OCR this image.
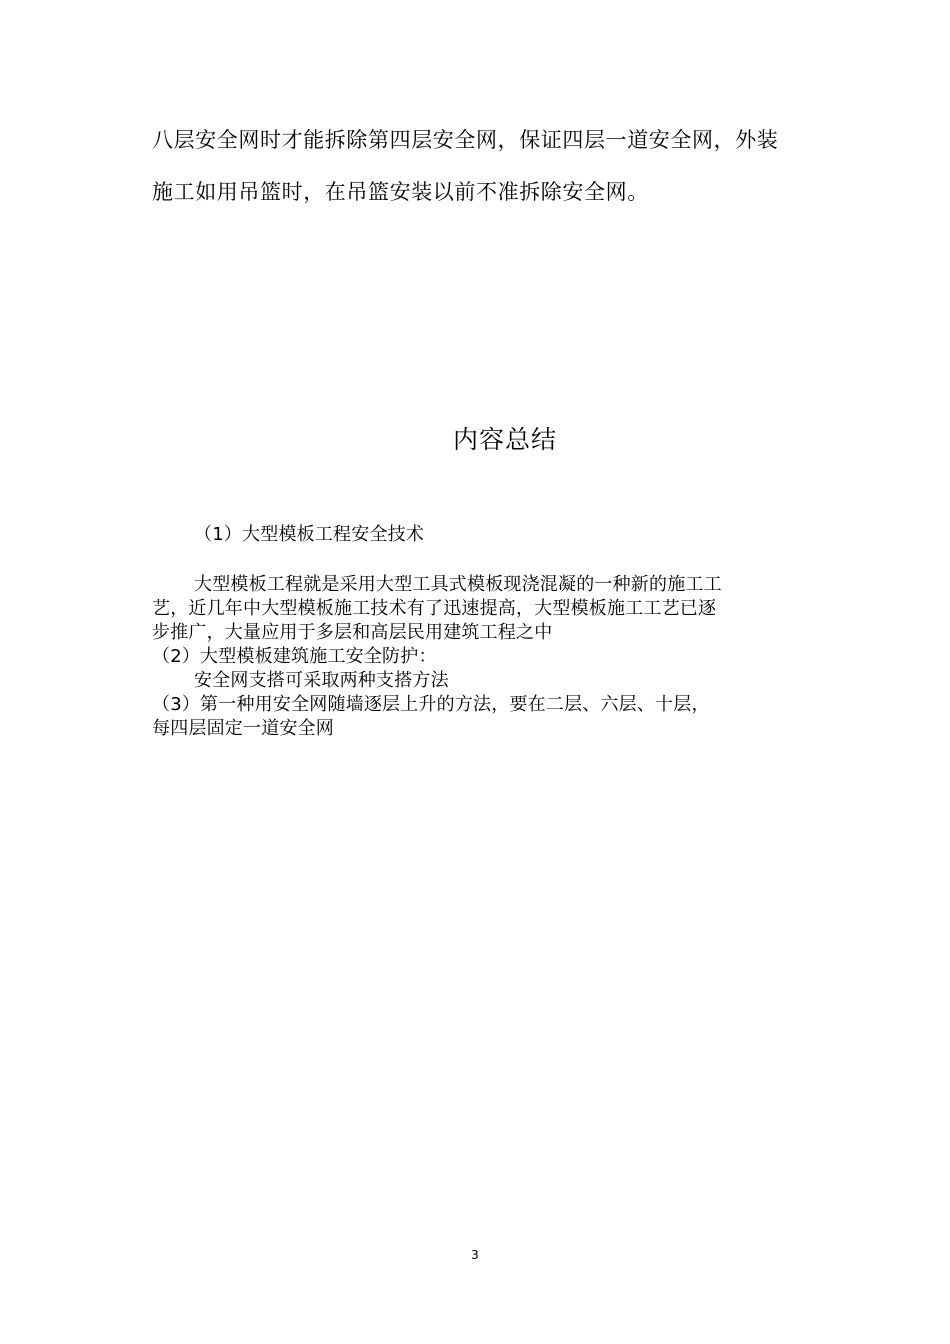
八层安全网时才能拆除第四层安全网，保证四层一道安全网，外装

施工如用吊篮时，在吊篮安装以前不准拆除安全网。

内容总结

（1）大型模板工程安全技术

大型模板工程就是采用大型工具式模板现浇混凝的一种新的施工工

艺，近几年中大型模板施工技术有了迅速提高，大型模板施工工艺已逐

步推广，大量应用于多层和高层民用建筑工程之中

（2）大型模板建筑施工安全防护：

安全网支搭可采取两种支搭方法

（3）第一种用安全网随墙逐层上升的方法，要在二层、六层、十层，

每四层固定一道安全网

3
